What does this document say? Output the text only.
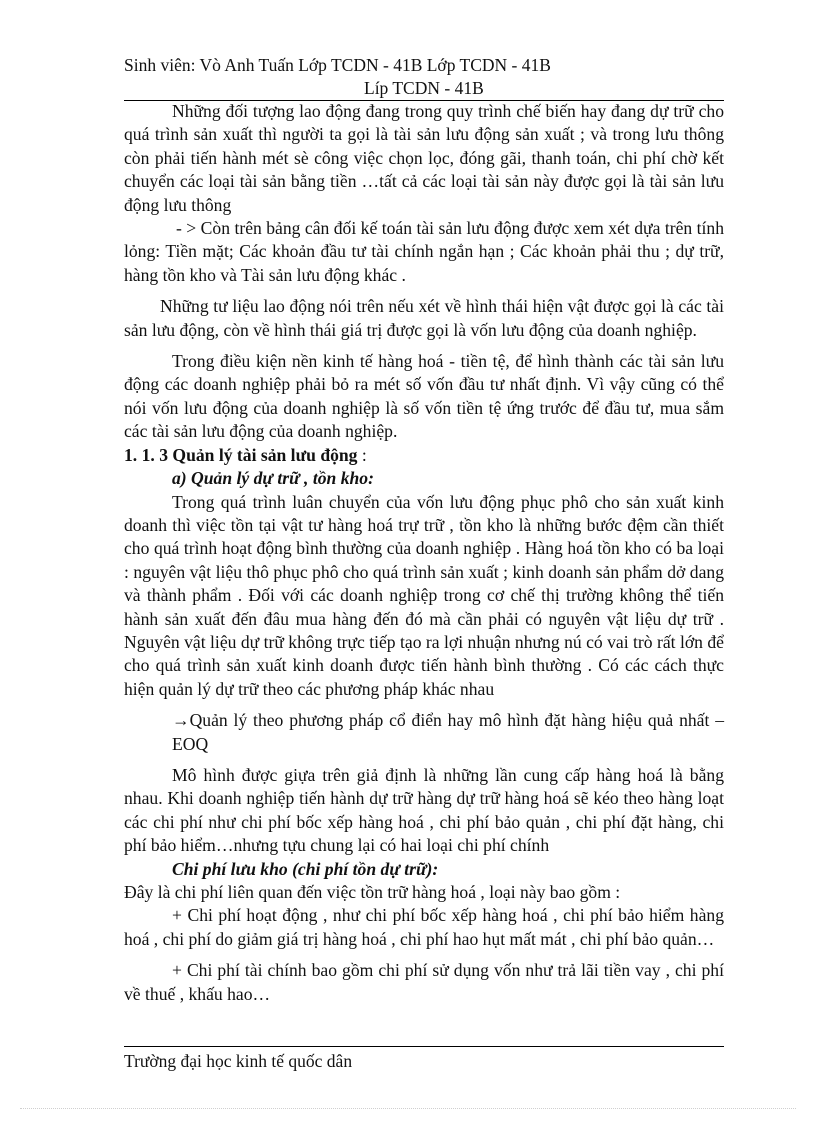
Sinh viên: Vò Anh Tuấn Lớp TCDN - 41B Lớp TCDN - 41B
Líp TCDN - 41B

Những đối tượng lao động đang trong quy trình chế biến hay đang dự trữ cho quá trình sản xuất thì người ta gọi là tài sản lưu động sản xuất ; và trong lưu thông còn phải tiến hành mét sè công việc chọn lọc, đóng gãi, thanh toán, chi phí chờ kết chuyển các loại tài sản bằng tiền …tất cả các loại tài sản này được gọi là tài sản lưu động lưu thông

- > Còn trên bảng cân đối kế toán tài sản lưu động được xem xét dựa trên tính lỏng: Tiền mặt; Các khoản đầu tư tài chính ngắn hạn ; Các khoản phải thu ; dự trữ, hàng tồn kho và Tài sản lưu động khác .

Những tư liệu lao động nói trên nếu xét về hình thái hiện vật được gọi là các tài sản lưu động, còn về hình thái giá trị được gọi là vốn lưu động của doanh nghiệp.

Trong điều kiện nền kinh tế hàng hoá - tiền tệ, để hình thành các tài sản lưu động các doanh nghiệp phải bỏ ra mét số vốn đầu tư nhất định. Vì vậy cũng có thể nói vốn lưu động của doanh nghiệp là số vốn tiền tệ ứng trước để đầu tư, mua sắm các tài sản lưu động của doanh nghiệp.

1. 1. 3 Quản lý tài sản lưu động :

a) Quản lý dự trữ , tồn kho:

Trong quá trình luân chuyển của vốn lưu động phục phô cho sản xuất kinh doanh thì việc tồn tại vật tư hàng hoá trự trữ , tồn kho là những bước đệm cần thiết cho quá trình hoạt động bình thường của doanh nghiệp . Hàng hoá tồn kho có ba loại : nguyên vật liệu thô phục phô cho quá trình sản xuất ; kinh doanh sản phẩm dở dang và thành phẩm . Đối với các doanh nghiệp trong cơ chế thị trường không thể tiến hành sản xuất đến đâu mua hàng đến đó mà cần phải có nguyên vật liệu dự trữ . Nguyên vật liệu dự trữ không trực tiếp tạo ra lợi nhuận nhưng nú có vai trò rất lớn để cho quá trình sản xuất kinh doanh được tiến hành bình thường . Có các cách thực hiện quản lý dự trữ theo các phương pháp khác nhau

→Quản lý theo phương pháp cổ điển hay mô hình đặt hàng hiệu quả nhất –EOQ

Mô hình được giựa trên giả định là những lần cung cấp hàng hoá là bằng nhau. Khi doanh nghiệp tiến hành dự trữ hàng dự trữ hàng hoá sẽ kéo theo hàng loạt các chi phí như chi phí bốc xếp hàng hoá , chi phí bảo quản , chi phí đặt hàng, chi phí bảo hiểm…nhưng tựu chung lại có hai loại chi phí chính

Chi phí lưu kho (chi phí tồn dự trữ):

Đây là chi phí liên quan đến việc tồn trữ hàng hoá , loại này bao gồm :

+ Chi phí hoạt động , như chi phí bốc xếp hàng hoá , chi phí bảo hiểm hàng hoá , chi phí do giảm giá trị hàng hoá , chi phí hao hụt mất mát , chi phí bảo quản…

+ Chi phí tài chính bao gồm chi phí sử dụng vốn như trả lãi tiền vay , chi phí về thuế , khấu hao…

Trường đại học kinh tế quốc dân
